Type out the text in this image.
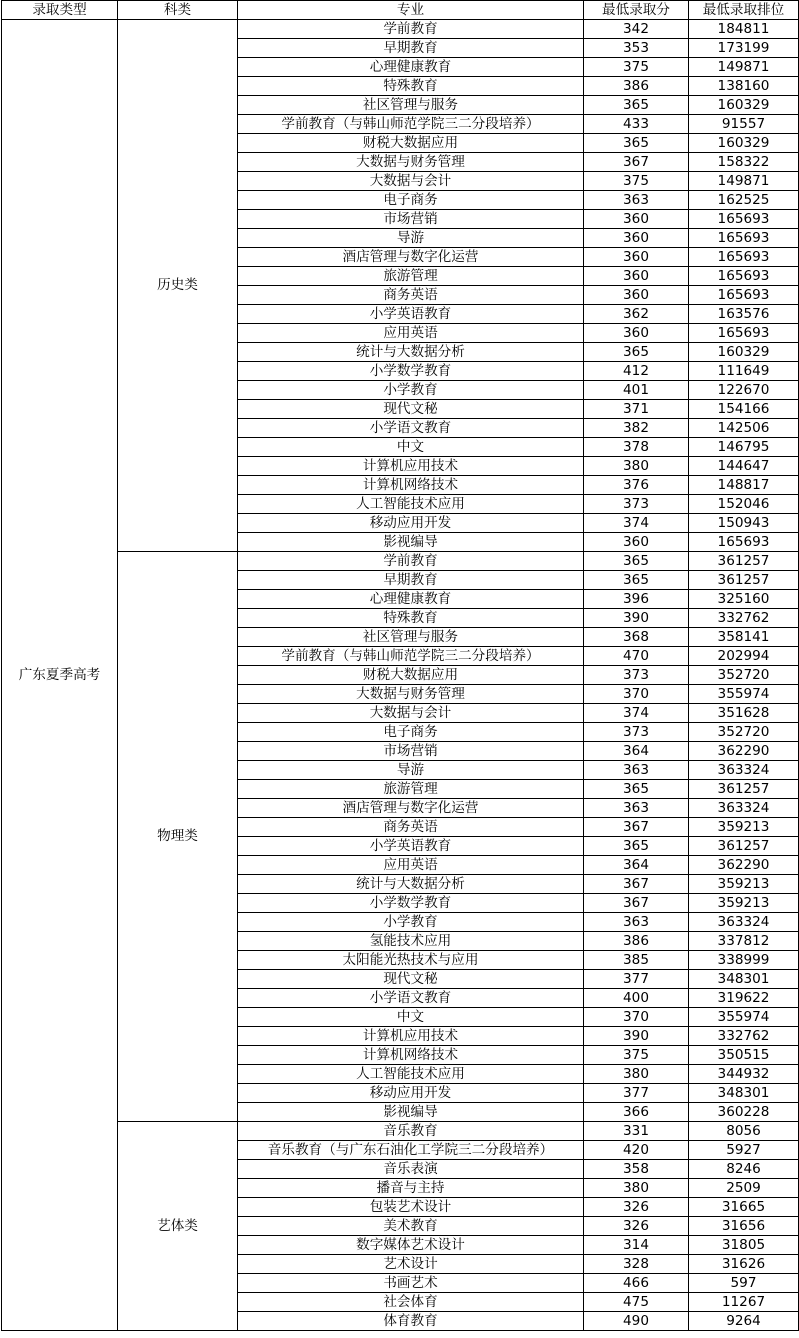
录取类型	科类	专业	最低录取分	最低录取排位
广东夏季高考	历史类	学前教育	342	184811
		早期教育	353	173199
		心理健康教育	375	149871
		特殊教育	386	138160
		社区管理与服务	365	160329
		学前教育（与韩山师范学院三二分段培养）	433	91557
		财税大数据应用	365	160329
		大数据与财务管理	367	158322
		大数据与会计	375	149871
		电子商务	363	162525
		市场营销	360	165693
		导游	360	165693
		酒店管理与数字化运营	360	165693
		旅游管理	360	165693
		商务英语	360	165693
		小学英语教育	362	163576
		应用英语	360	165693
		统计与大数据分析	365	160329
		小学数学教育	412	111649
		小学教育	401	122670
		现代文秘	371	154166
		小学语文教育	382	142506
		中文	378	146795
		计算机应用技术	380	144647
		计算机网络技术	376	148817
		人工智能技术应用	373	152046
		移动应用开发	374	150943
		影视编导	360	165693
	物理类	学前教育	365	361257
		早期教育	365	361257
		心理健康教育	396	325160
		特殊教育	390	332762
		社区管理与服务	368	358141
		学前教育（与韩山师范学院三二分段培养）	470	202994
		财税大数据应用	373	352720
		大数据与财务管理	370	355974
		大数据与会计	374	351628
		电子商务	373	352720
		市场营销	364	362290
		导游	363	363324
		旅游管理	365	361257
		酒店管理与数字化运营	363	363324
		商务英语	367	359213
		小学英语教育	365	361257
		应用英语	364	362290
		统计与大数据分析	367	359213
		小学数学教育	367	359213
		小学教育	363	363324
		氢能技术应用	386	337812
		太阳能光热技术与应用	385	338999
		现代文秘	377	348301
		小学语文教育	400	319622
		中文	370	355974
		计算机应用技术	390	332762
		计算机网络技术	375	350515
		人工智能技术应用	380	344932
		移动应用开发	377	348301
		影视编导	366	360228
	艺体类	音乐教育	331	8056
		音乐教育（与广东石油化工学院三二分段培养）	420	5927
		音乐表演	358	8246
		播音与主持	380	2509
		包装艺术设计	326	31665
		美术教育	326	31656
		数字媒体艺术设计	314	31805
		艺术设计	328	31626
		书画艺术	466	597
		社会体育	475	11267
		体育教育	490	9264
